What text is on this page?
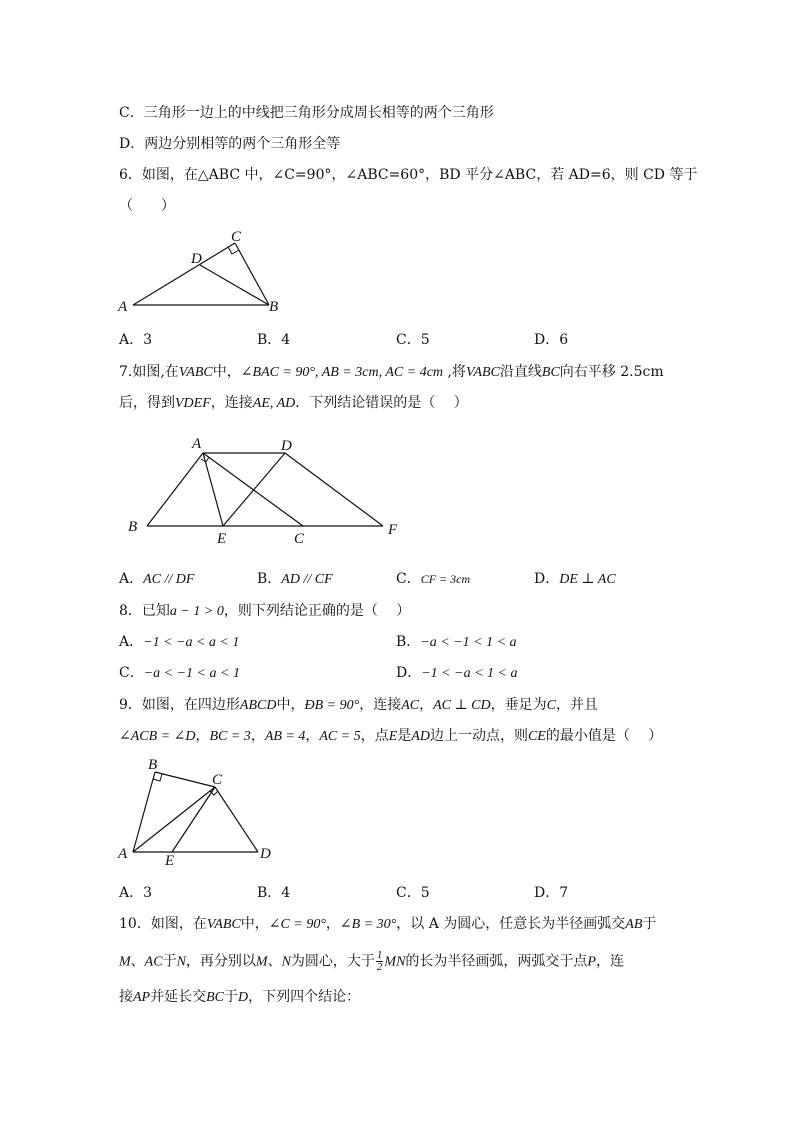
C．三角形一边上的中线把三角形分成周长相等的两个三角形
D．两边分别相等的两个三角形全等
6．如图，在△ABC 中，∠C=90°，∠ABC=60°，BD 平分∠ABC，若 AD=6，则 CD 等于
（　　）
A	B
C
D
A．3	B．4	C．5	D．6
7.如图,在VABC中，∠BAC = 90°, AB = 3cm, AC = 4cm ,将VABC沿直线BC向右平移 2.5cm
后，得到VDEF，连接AE, AD．下列结论错误的是（　 ）
A	D
B
E	C
F
A．AC // DF	B．AD // CF	C．CF = 3cm	D．DE ⊥ AC
8．已知a − 1 > 0，则下列结论正确的是（　 ）
A．−1 < −a < a < 1	B．−a < −1 < 1 < a
C．−a < −1 < a < 1	D．−1 < −a < 1 < a
9．如图，在四边形ABCD中，ÐB = 90°，连接AC，AC ⊥ CD，垂足为C，并且
∠ACB = ∠D，BC = 3，AB = 4，AC = 5，点E是AD边上一动点，则CE的最小值是（　 ）
B
C
A	E	D
A．3	B．4	C．5	D．7
10．如图，在VABC中，∠C = 90°，∠B = 30°，以 A 为圆心，任意长为半径画弧交AB于
M、AC于N，再分别以M、N为圆心，大于 $\frac{1}{2}$ MN的长为半径画弧，两弧交于点P，连
接AP并延长交BC于D，下列四个结论：
